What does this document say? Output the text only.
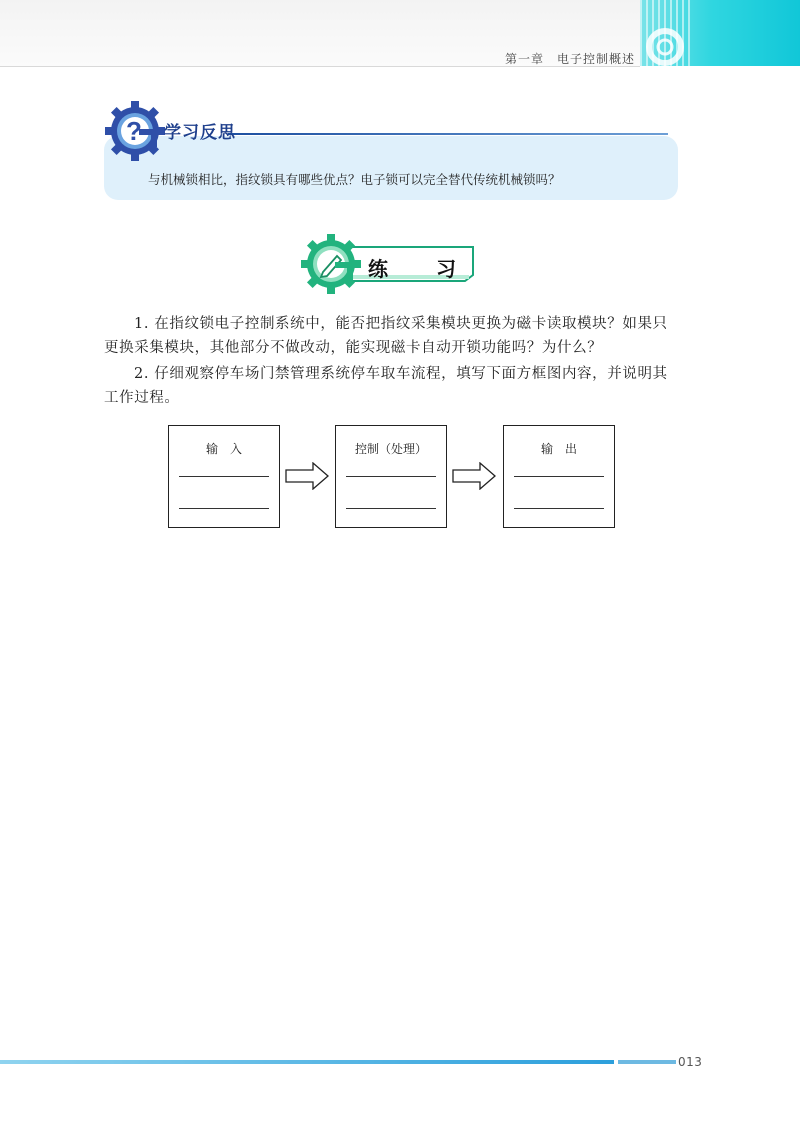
第一章　电子控制概述
? 学习反思
与机械锁相比，指纹锁具有哪些优点？电子锁可以完全替代传统机械锁吗？
练习
1. 在指纹锁电子控制系统中，能否把指纹采集模块更换为磁卡读取模块？如果只更换采集模块，其他部分不做改动，能实现磁卡自动开锁功能吗？为什么？
2. 仔细观察停车场门禁管理系统停车取车流程，填写下面方框图内容，并说明其工作过程。
输　入	控制（处理）	输　出
013
